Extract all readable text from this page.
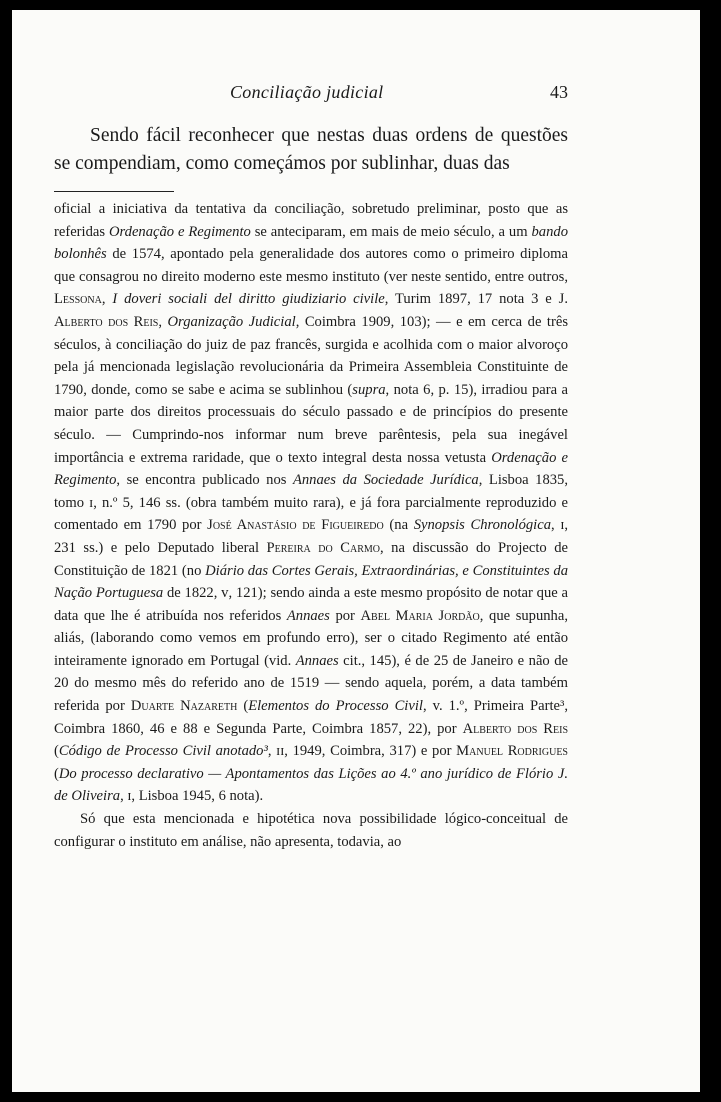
Conciliação judicial	43

Sendo fácil reconhecer que nestas duas ordens de questões se compendiam, como começámos por sublinhar, duas das

oficial a iniciativa da tentativa da conciliação, sobretudo preliminar, posto que as referidas Ordenação e Regimento se anteciparam, em mais de meio século, a um bando bolonhês de 1574, apontado pela generalidade dos autores como o primeiro diploma que consagrou no direito moderno este mesmo instituto (ver neste sentido, entre outros, Lessona, I doveri sociali del diritto giudiziario civile, Turim 1897, 17 nota 3 e J. Alberto dos Reis, Organização Judicial, Coimbra 1909, 103); — e em cerca de três séculos, à conciliação do juiz de paz francês, surgida e acolhida com o maior alvoroço pela já mencionada legislação revolucionária da Primeira Assembleia Constituinte de 1790, donde, como se sabe e acima se sublinhou (supra, nota 6, p. 15), irradiou para a maior parte dos direitos processuais do século passado e de princípios do presente século. — Cumprindo-nos informar num breve parêntesis, pela sua inegável importância e extrema raridade, que o texto integral desta nossa vetusta Ordenação e Regimento, se encontra publicado nos Annaes da Sociedade Jurídica, Lisboa 1835, tomo ɪ, n.º 5, 146 ss. (obra também muito rara), e já fora parcialmente reproduzido e comentado em 1790 por José Anastásio de Figueiredo (na Synopsis Chronológica, ɪ, 231 ss.) e pelo Deputado liberal Pereira do Carmo, na discussão do Projecto de Constituição de 1821 (no Diário das Cortes Gerais, Extraordinárias, e Constituintes da Nação Portuguesa de 1822, ᴠ, 121); sendo ainda a este mesmo propósito de notar que a data que lhe é atribuída nos referidos Annaes por Abel Maria Jordão, que supunha, aliás, (laborando como vemos em profundo erro), ser o citado Regimento até então inteiramente ignorado em Portugal (vid. Annaes cit., 145), é de 25 de Janeiro e não de 20 do mesmo mês do referido ano de 1519 — sendo aquela, porém, a data também referida por Duarte Nazareth (Elementos do Processo Civil, v. 1.º, Primeira Parte³, Coimbra 1860, 46 e 88 e Segunda Parte, Coimbra 1857, 22), por Alberto dos Reis (Código de Processo Civil anotado³, ɪɪ, 1949, Coimbra, 317) e por Manuel Rodrigues (Do processo declarativo — Apontamentos das Lições ao 4.º ano jurídico de Flório J. de Oliveira, ɪ, Lisboa 1945, 6 nota).

Só que esta mencionada e hipotética nova possibilidade lógico-conceitual de configurar o instituto em análise, não apresenta, todavia, ao
